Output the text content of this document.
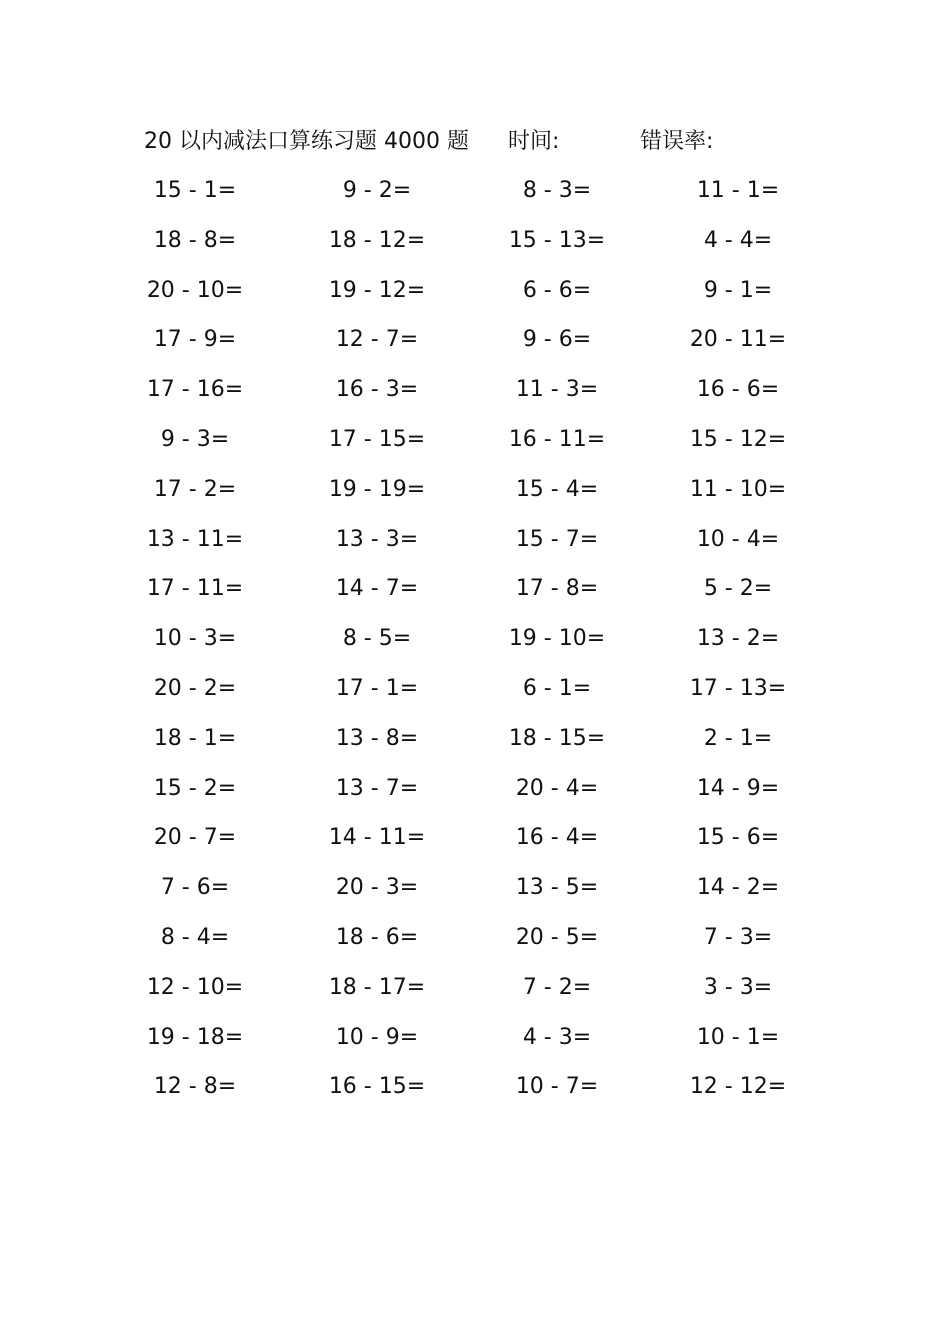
20 以内减法口算练习题 4000 题 时间:	错误率:
15 - 1=	9 - 2=	8 - 3=	11 - 1=
18 - 8=	18 - 12=	15 - 13=	4 - 4=
20 - 10=	19 - 12=	6 - 6=	9 - 1=
17 - 9=	12 - 7=	9 - 6=	20 - 11=
17 - 16=	16 - 3=	11 - 3=	16 - 6=
9 - 3=	17 - 15=	16 - 11=	15 - 12=
17 - 2=	19 - 19=	15 - 4=	11 - 10=
13 - 11=	13 - 3=	15 - 7=	10 - 4=
17 - 11=	14 - 7=	17 - 8=	5 - 2=
10 - 3=	8 - 5=	19 - 10=	13 - 2=
20 - 2=	17 - 1=	6 - 1=	17 - 13=
18 - 1=	13 - 8=	18 - 15=	2 - 1=
15 - 2=	13 - 7=	20 - 4=	14 - 9=
20 - 7=	14 - 11=	16 - 4=	15 - 6=
7 - 6=	20 - 3=	13 - 5=	14 - 2=
8 - 4=	18 - 6=	20 - 5=	7 - 3=
12 - 10=	18 - 17=	7 - 2=	3 - 3=
19 - 18=	10 - 9=	4 - 3=	10 - 1=
12 - 8=	16 - 15=	10 - 7=	12 - 12=
